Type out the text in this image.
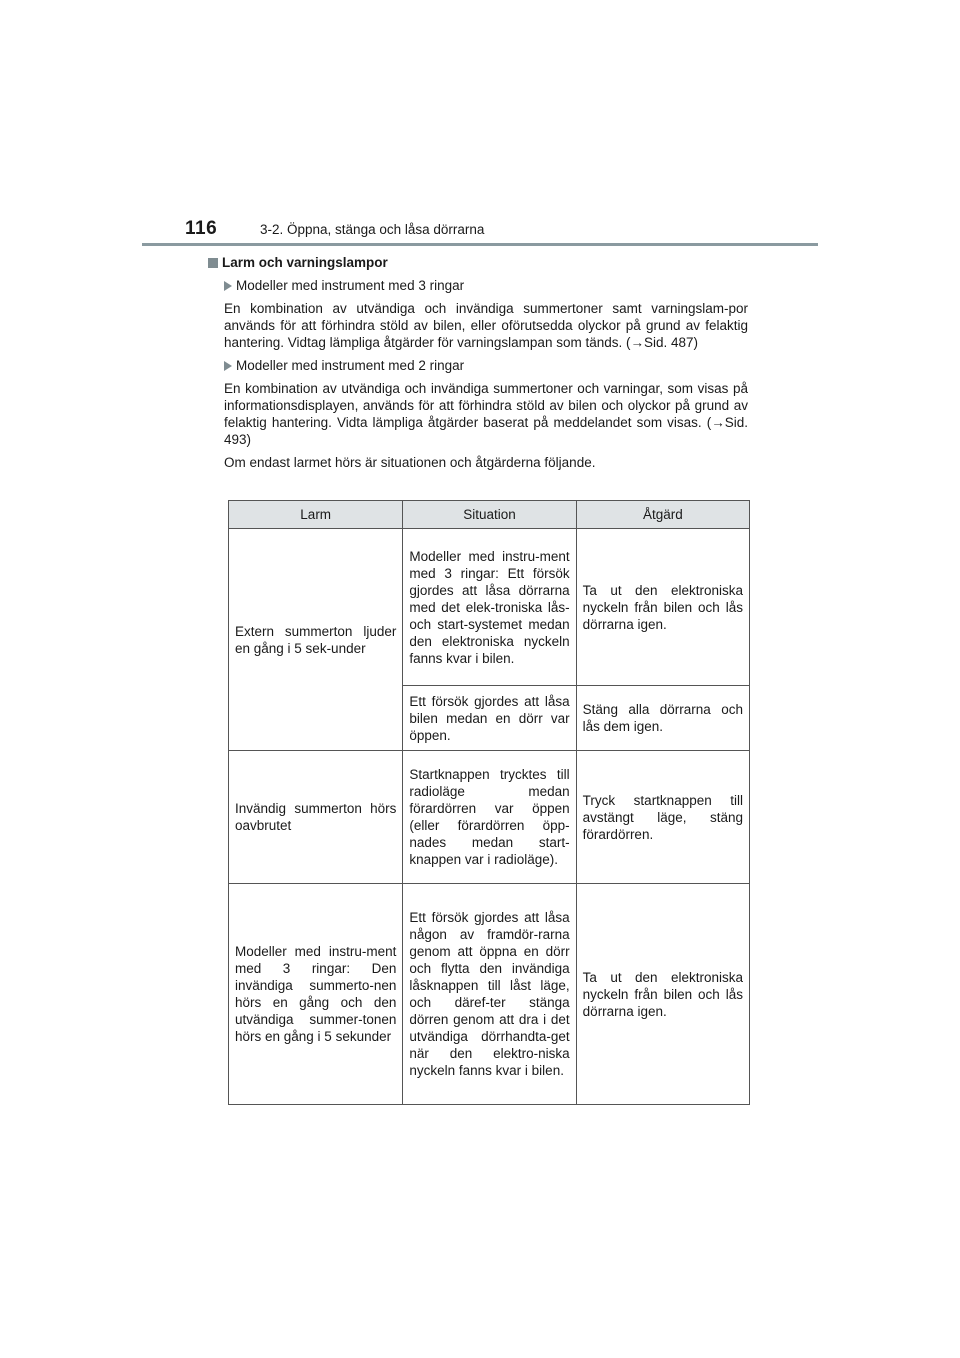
116	3-2. Öppna, stänga och låsa dörrarna
Larm och varningslampor
Modeller med instrument med 3 ringar
En kombination av utvändiga och invändiga summertoner samt varningslam-por används för att förhindra stöld av bilen, eller oförutsedda olyckor på grund av felaktig hantering. Vidtag lämpliga åtgärder för varningslampan som tänds. (→Sid. 487)
Modeller med instrument med 2 ringar
En kombination av utvändiga och invändiga summertoner och varningar, som visas på informationsdisplayen, används för att förhindra stöld av bilen och olyckor på grund av felaktig hantering. Vidta lämpliga åtgärder baserat på meddelandet som visas. (→Sid. 493)
Om endast larmet hörs är situationen och åtgärderna följande.
Larm	Situation	Åtgärd
Extern summerton ljuder en gång i 5 sek-under	Modeller med instru-ment med 3 ringar: Ett försök gjordes att låsa dörrarna med det elek-troniska lås- och start-systemet medan den elektroniska nyckeln fanns kvar i bilen.	Ta ut den elektroniska nyckeln från bilen och lås dörrarna igen.
	Ett försök gjordes att låsa bilen medan en dörr var öppen.	Stäng alla dörrarna och lås dem igen.
Invändig summerton hörs oavbrutet	Startknappen trycktes till radioläge medan förardörren var öppen (eller förardörren öpp-nades medan start-knappen var i radioläge).	Tryck startknappen till avstängt läge, stäng förardörren.
Modeller med instru-ment med 3 ringar: Den invändiga summerto-nen hörs en gång och den utvändiga summer-tonen hörs en gång i 5 sekunder	Ett försök gjordes att låsa någon av framdör-rarna genom att öppna en dörr och flytta den invändiga låsknappen till låst läge, och däref-ter stänga dörren genom att dra i det utvändiga dörrhandta-get när den elektro-niska nyckeln fanns kvar i bilen.	Ta ut den elektroniska nyckeln från bilen och lås dörrarna igen.
